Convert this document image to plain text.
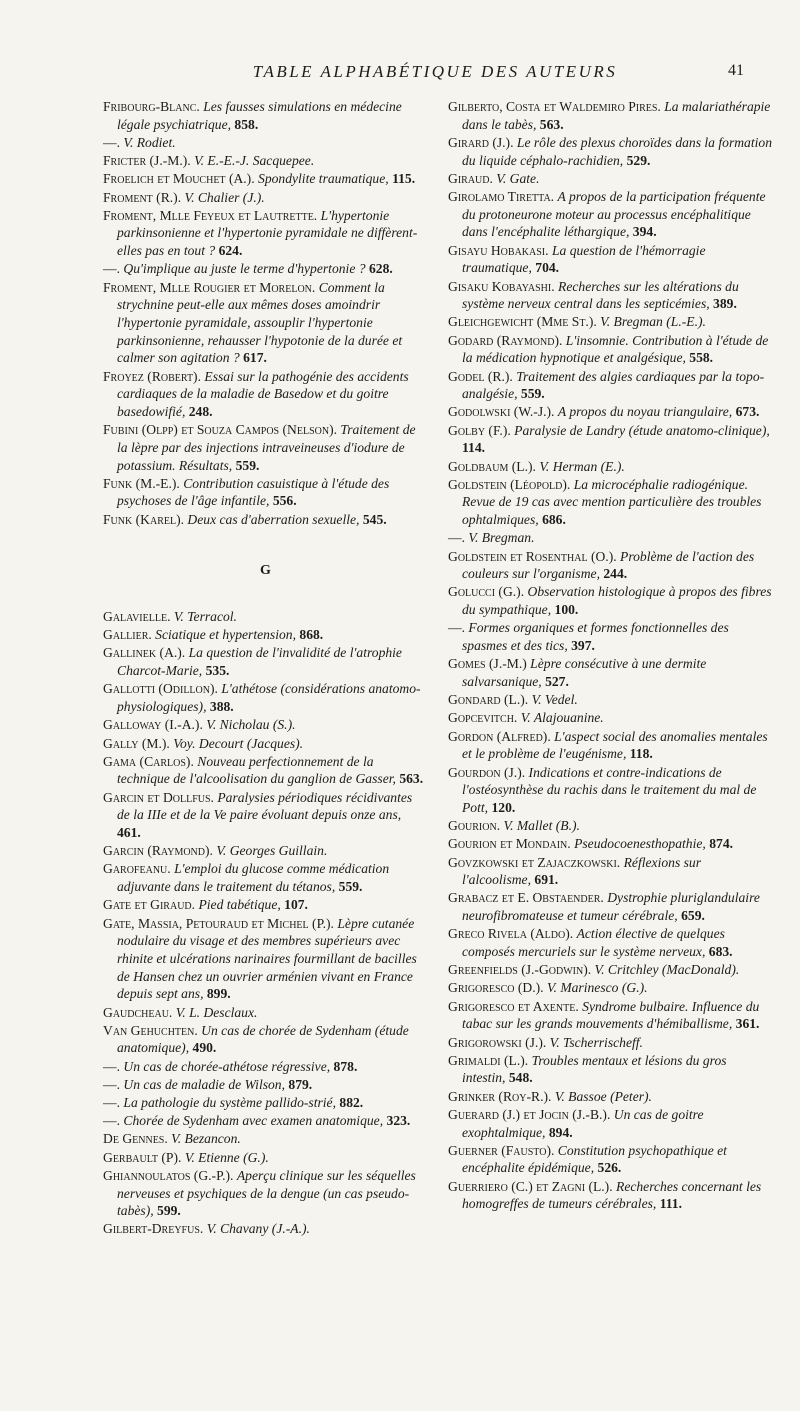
TABLE ALPHABÉTIQUE DES AUTEURS	41

Fribourg-Blanc. Les fausses simulations en médecine légale psychiatrique, 858.

—. V. Rodiet.

Fricter (J.-M.). V. E.-E.-J. Sacquepee.

Froelich et Mouchet (A.). Spondylite traumatique, 115.

Froment (R.). V. Chalier (J.).

Froment, Mlle Feyeux et Lautrette. L'hypertonie parkinsonienne et l'hypertonie pyramidale ne diffèrent-elles pas en tout ? 624.

—. Qu'implique au juste le terme d'hypertonie ? 628.

Froment, Mlle Rougier et Morelon. Comment la strychnine peut-elle aux mêmes doses amoindrir l'hypertonie pyramidale, assouplir l'hypertonie parkinsonienne, rehausser l'hypotonie de la durée et calmer son agitation ? 617.

Froyez (Robert). Essai sur la pathogénie des accidents cardiaques de la maladie de Basedow et du goitre basedowifié, 248.

Fubini (Olpp) et Souza Campos (Nelson). Traitement de la lèpre par des injections intraveineuses d'iodure de potassium. Résultats, 559.

Funk (M.-E.). Contribution casuistique à l'étude des psychoses de l'âge infantile, 556.

Funk (Karel). Deux cas d'aberration sexuelle, 545.

G

Galavielle. V. Terracol.

Gallier. Sciatique et hypertension, 868.

Gallinek (A.). La question de l'invalidité de l'atrophie Charcot-Marie, 535.

Gallotti (Odillon). L'athétose (considérations anatomo-physiologiques), 388.

Galloway (I.-A.). V. Nicholau (S.).

Gally (M.). Voy. Decourt (Jacques).

Gama (Carlos). Nouveau perfectionnement de la technique de l'alcoolisation du ganglion de Gasser, 563.

Garcin et Dollfus. Paralysies périodiques récidivantes de la IIIe et de la Ve paire évoluant depuis onze ans, 461.

Garcin (Raymond). V. Georges Guillain.

Garofeanu. L'emploi du glucose comme médication adjuvante dans le traitement du tétanos, 559.

Gate et Giraud. Pied tabétique, 107.

Gate, Massia, Petouraud et Michel (P.). Lèpre cutanée nodulaire du visage et des membres supérieurs avec rhinite et ulcérations narinaires fourmillant de bacilles de Hansen chez un ouvrier arménien vivant en France depuis sept ans, 899.

Gaudcheau. V. L. Desclaux.

Van Gehuchten. Un cas de chorée de Sydenham (étude anatomique), 490.

—. Un cas de chorée-athétose régressive, 878.

—. Un cas de maladie de Wilson, 879.

—. La pathologie du système pallido-strié, 882.

—. Chorée de Sydenham avec examen anatomique, 323.

De Gennes. V. Bezancon.

Gerbault (P). V. Etienne (G.).

Ghiannoulatos (G.-P.). Aperçu clinique sur les séquelles nerveuses et psychiques de la dengue (un cas pseudo-tabès), 599.

Gilbert-Dreyfus. V. Chavany (J.-A.).

Gilberto, Costa et Waldemiro Pires. La malariathérapie dans le tabès, 563.

Girard (J.). Le rôle des plexus choroïdes dans la formation du liquide céphalo-rachidien, 529.

Giraud. V. Gate.

Girolamo Tiretta. A propos de la participation fréquente du protoneurone moteur au processus encéphalitique dans l'encéphalite léthargique, 394.

Gisayu Hobakasi. La question de l'hémorragie traumatique, 704.

Gisaku Kobayashi. Recherches sur les altérations du système nerveux central dans les septicémies, 389.

Gleichgewicht (Mme St.). V. Bregman (L.-E.).

Godard (Raymond). L'insomnie. Contribution à l'étude de la médication hypnotique et analgésique, 558.

Godel (R.). Traitement des algies cardiaques par la topo-analgésie, 559.

Godolwski (W.-J.). A propos du noyau triangulaire, 673.

Golby (F.). Paralysie de Landry (étude anatomo-clinique), 114.

Goldbaum (L.). V. Herman (E.).

Goldstein (Léopold). La microcéphalie radiogénique. Revue de 19 cas avec mention particulière des troubles ophtalmiques, 686.

—. V. Bregman.

Goldstein et Rosenthal (O.). Problème de l'action des couleurs sur l'organisme, 244.

Golucci (G.). Observation histologique à propos des fibres du sympathique, 100.

—. Formes organiques et formes fonctionnelles des spasmes et des tics, 397.

Gomes (J.-M.) Lèpre consécutive à une dermite salvarsanique, 527.

Gondard (L.). V. Vedel.

Gopcevitch. V. Alajouanine.

Gordon (Alfred). L'aspect social des anomalies mentales et le problème de l'eugénisme, 118.

Gourdon (J.). Indications et contre-indications de l'ostéosynthèse du rachis dans le traitement du mal de Pott, 120.

Gourion. V. Mallet (B.).

Gourion et Mondain. Pseudocoenesthopathie, 874.

Govzkowski et Zajaczkowski. Réflexions sur l'alcoolisme, 691.

Grabacz et E. Obstaender. Dystrophie pluriglandulaire neurofibromateuse et tumeur cérébrale, 659.

Greco Rivela (Aldo). Action élective de quelques composés mercuriels sur le système nerveux, 683.

Greenfields (J.-Godwin). V. Critchley (MacDonald).

Grigoresco (D.). V. Marinesco (G.).

Grigoresco et Axente. Syndrome bulbaire. Influence du tabac sur les grands mouvements d'hémiballisme, 361.

Grigorowski (J.). V. Tscherrischeff.

Grimaldi (L.). Troubles mentaux et lésions du gros intestin, 548.

Grinker (Roy-R.). V. Bassoe (Peter).

Guerard (J.) et Jocin (J.-B.). Un cas de goitre exophtalmique, 894.

Guerner (Fausto). Constitution psychopathique et encéphalite épidémique, 526.

Guerriero (C.) et Zagni (L.). Recherches concernant les homogreffes de tumeurs cérébrales, 111.
